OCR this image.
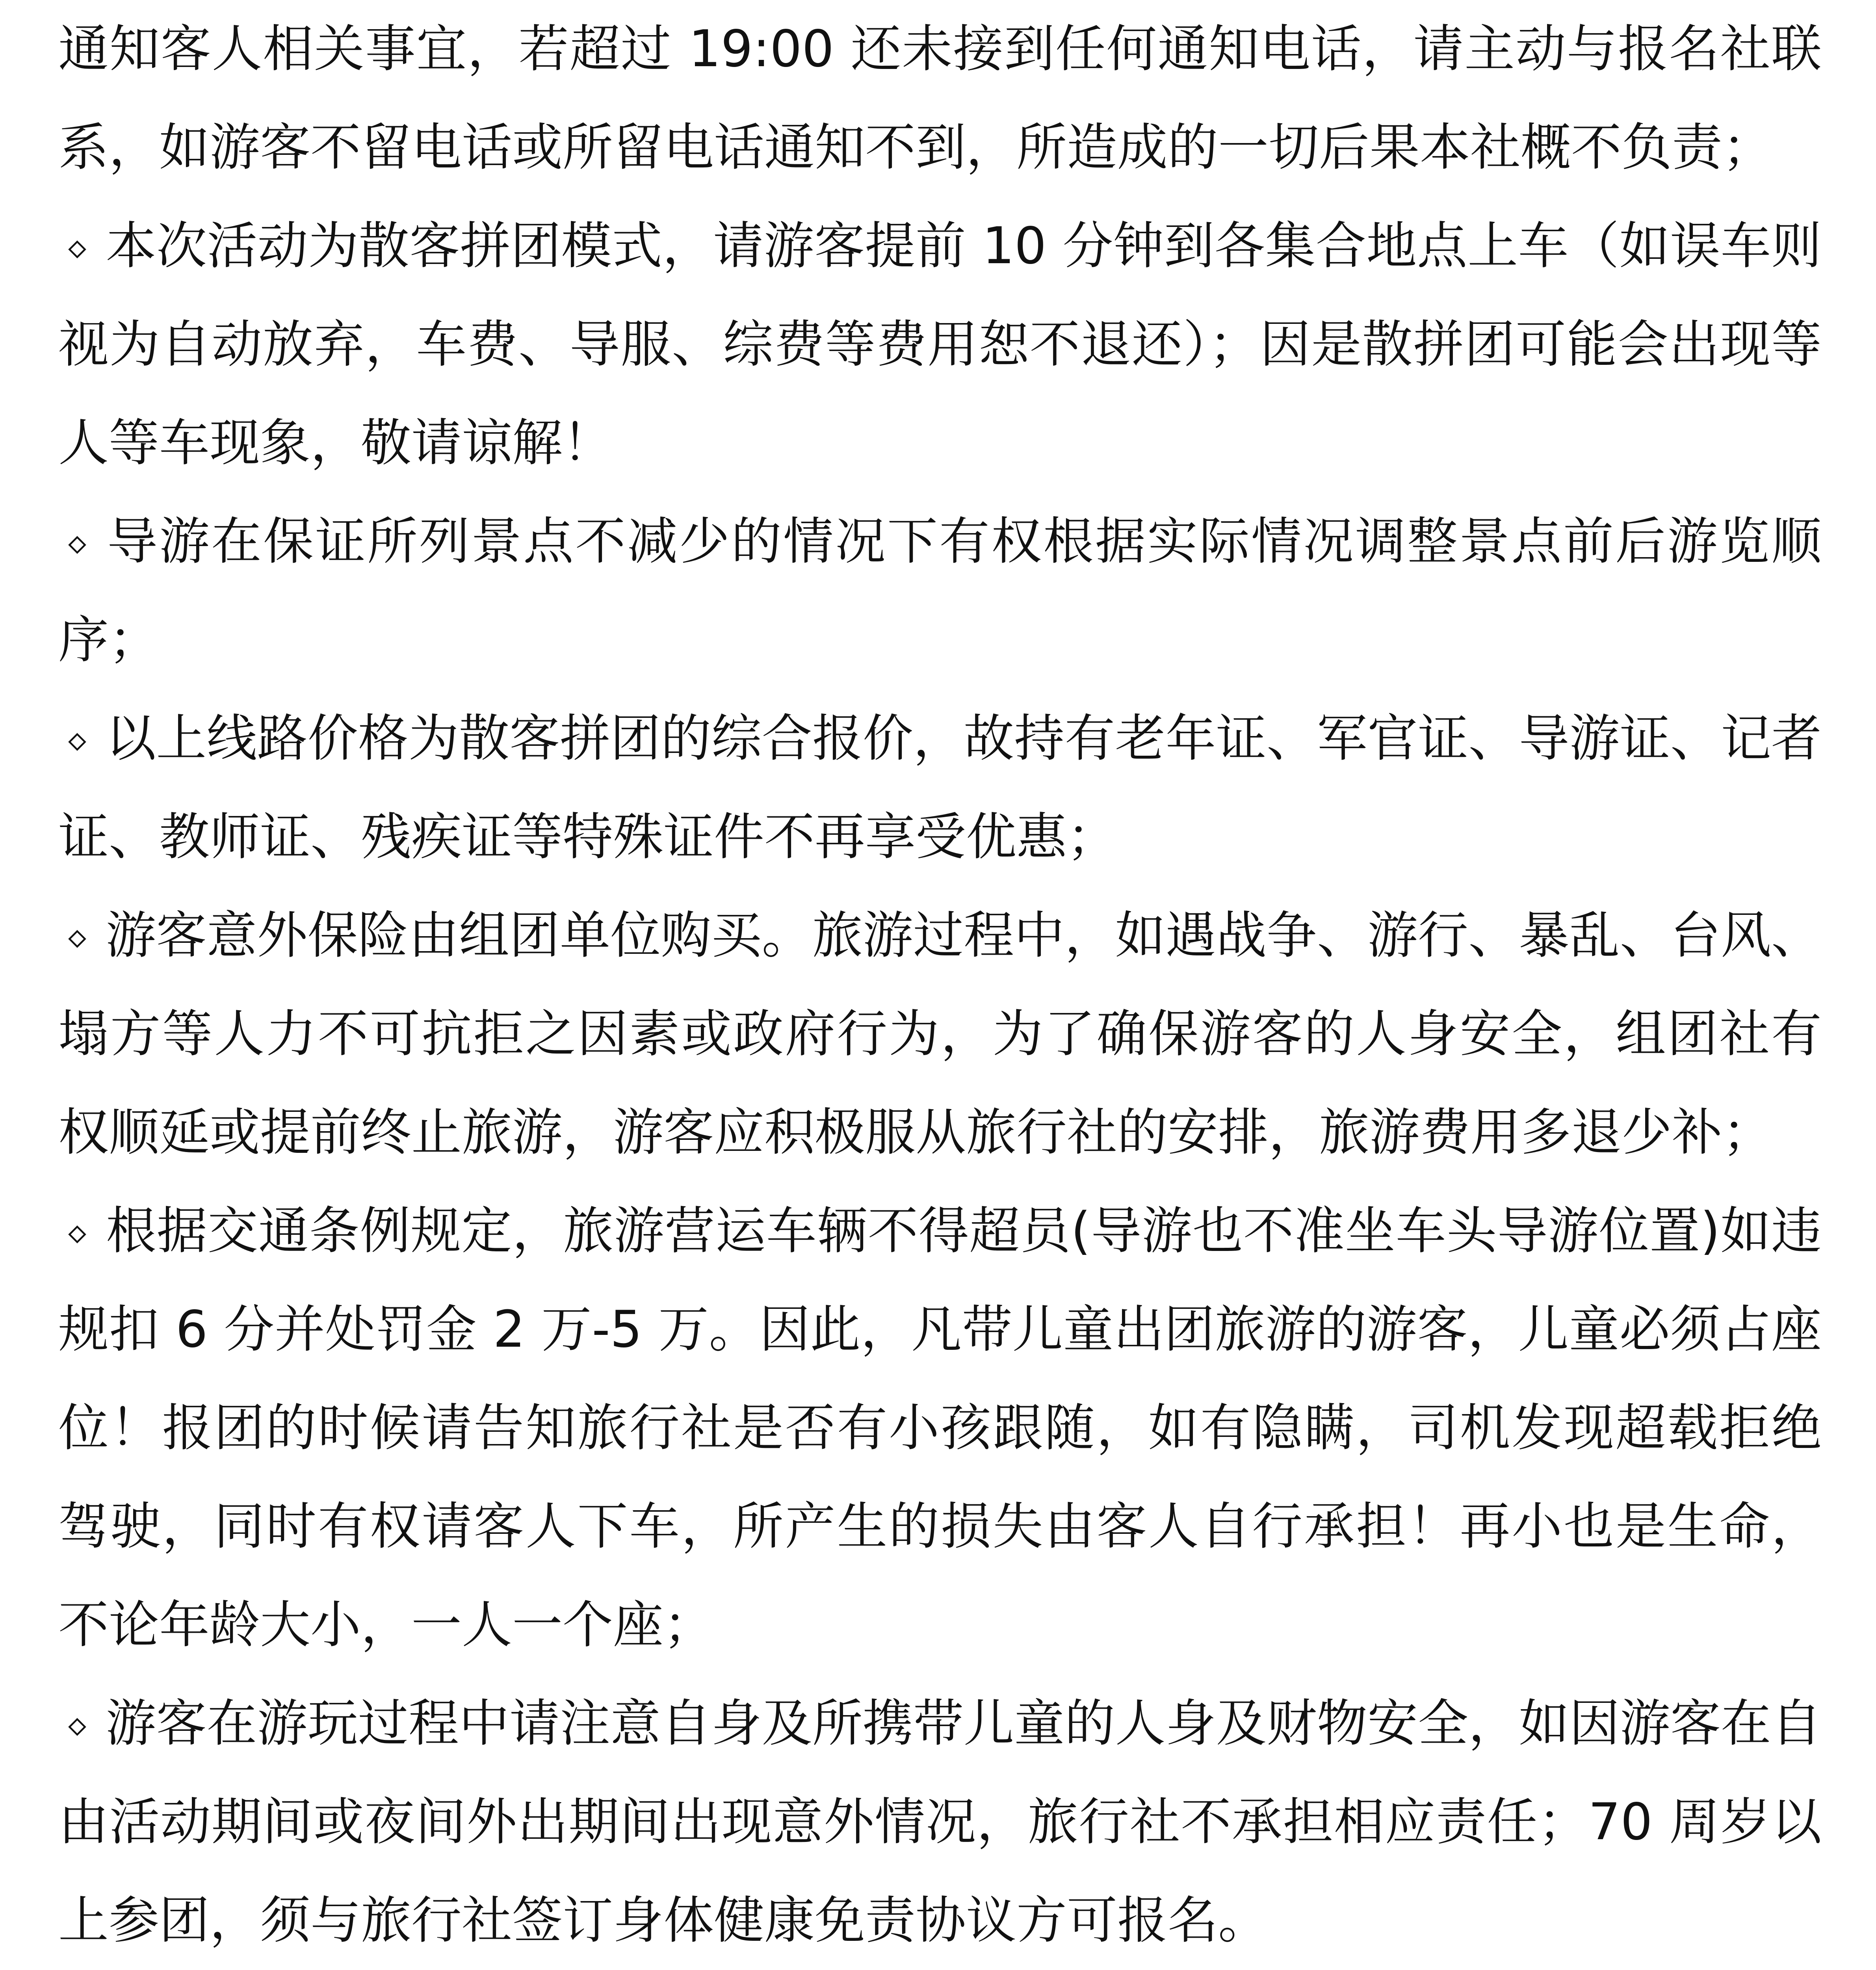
通知客人相关事宜，若超过 19:00 还未接到任何通知电话，请主动与报名社联系，如游客不留电话或所留电话通知不到，所造成的一切后果本社概不负责；

本次活动为散客拼团模式，请游客提前 10 分钟到各集合地点上车（如误车则视为自动放弃，车费、导服、综费等费用恕不退还）；因是散拼团可能会出现等人等车现象，敬请谅解！

导游在保证所列景点不减少的情况下有权根据实际情况调整景点前后游览顺序；

以上线路价格为散客拼团的综合报价，故持有老年证、军官证、导游证、记者证、教师证、残疾证等特殊证件不再享受优惠；

游客意外保险由组团单位购买。旅游过程中，如遇战争、游行、暴乱、台风、塌方等人力不可抗拒之因素或政府行为，为了确保游客的人身安全，组团社有权顺延或提前终止旅游，游客应积极服从旅行社的安排，旅游费用多退少补；

根据交通条例规定，旅游营运车辆不得超员(导游也不准坐车头导游位置)如违规扣 6 分并处罚金 2 万-5 万。因此，凡带儿童出团旅游的游客，儿童必须占座位！报团的时候请告知旅行社是否有小孩跟随，如有隐瞒，司机发现超载拒绝驾驶，同时有权请客人下车，所产生的损失由客人自行承担！再小也是生命，不论年龄大小，一人一个座；

游客在游玩过程中请注意自身及所携带儿童的人身及财物安全，如因游客在自由活动期间或夜间外出期间出现意外情况，旅行社不承担相应责任；70 周岁以上参团，须与旅行社签订身体健康免责协议方可报名。
